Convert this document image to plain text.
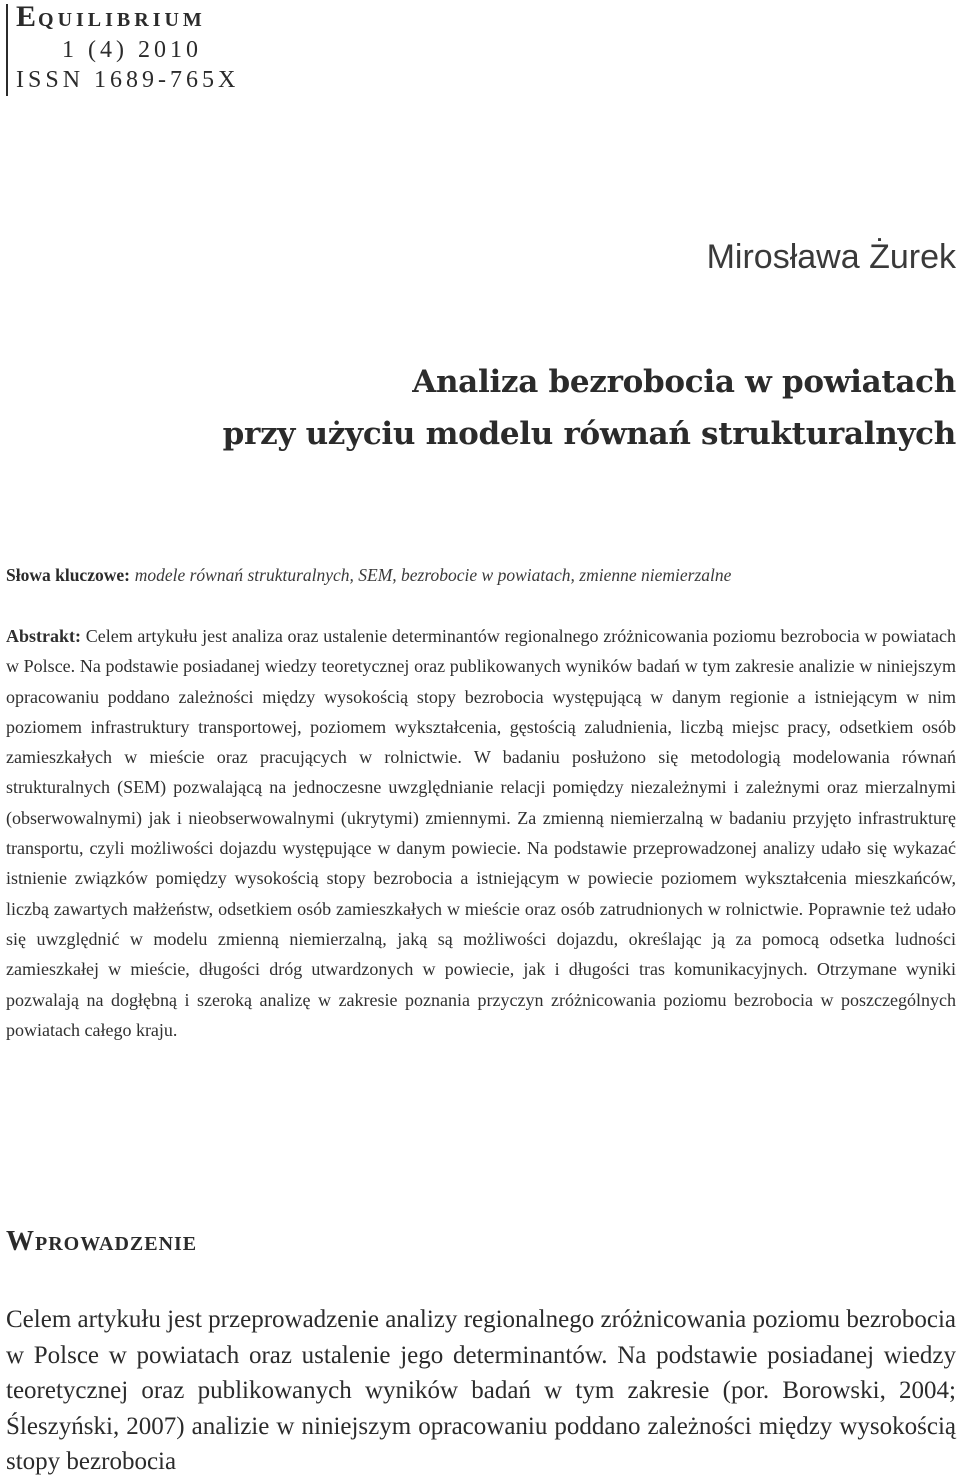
EQUILIBRIUM

1 (4) 2010

ISSN 1689-765X

Mirosława Żurek
Analiza bezrobocia w powiatach
przy użyciu modelu równań strukturalnych

Słowa kluczowe: modele równań strukturalnych, SEM, bezrobocie w powiatach, zmienne niemierzalne

Abstrakt: Celem artykułu jest analiza oraz ustalenie determinantów regionalnego zróżnicowania poziomu bezrobocia w powiatach w Polsce. Na podstawie posiadanej wiedzy teoretycznej oraz publikowanych wyników badań w tym zakresie analizie w niniejszym opracowaniu poddano zależności między wysokością stopy bezrobocia występującą w danym regionie a istniejącym w nim poziomem infrastruktury transportowej, poziomem wykształcenia, gęstością zaludnienia, liczbą miejsc pracy, odsetkiem osób zamieszkałych w mieście oraz pracujących w rolnictwie. W badaniu posłużono się metodologią modelowania równań strukturalnych (SEM) pozwalającą na jednoczesne uwzględnianie relacji pomiędzy niezależnymi i zależnymi oraz mierzalnymi (obserwowalnymi) jak i nieobserwowalnymi (ukrytymi) zmiennymi. Za zmienną niemierzalną w badaniu przyjęto infrastrukturę transportu, czyli możliwości dojazdu występujące w danym powiecie. Na podstawie przeprowadzonej analizy udało się wykazać istnienie związków pomiędzy wysokością stopy bezrobocia a istniejącym w powiecie poziomem wykształcenia mieszkańców, liczbą zawartych małżeństw, odsetkiem osób zamieszkałych w mieście oraz osób zatrudnionych w rolnictwie. Poprawnie też udało się uwzględnić w modelu zmienną niemierzalną, jaką są możliwości dojazdu, określając ją za pomocą odsetka ludności zamieszkałej w mieście, długości dróg utwardzonych w powiecie, jak i długości tras komunikacyjnych. Otrzymane wyniki pozwalają na dogłębną i szeroką analizę w zakresie poznania przyczyn zróżnicowania poziomu bezrobocia w poszczególnych powiatach całego kraju.

WPROWADZENIE

Celem artykułu jest przeprowadzenie analizy regionalnego zróżnicowania poziomu bezrobocia w Polsce w powiatach oraz ustalenie jego determinantów. Na podstawie posiadanej wiedzy teoretycznej oraz publikowanych wyników badań w tym zakresie (por. Borowski, 2004; Śleszyński, 2007) analizie w niniejszym opracowaniu poddano zależności między wysokością stopy bezrobocia
